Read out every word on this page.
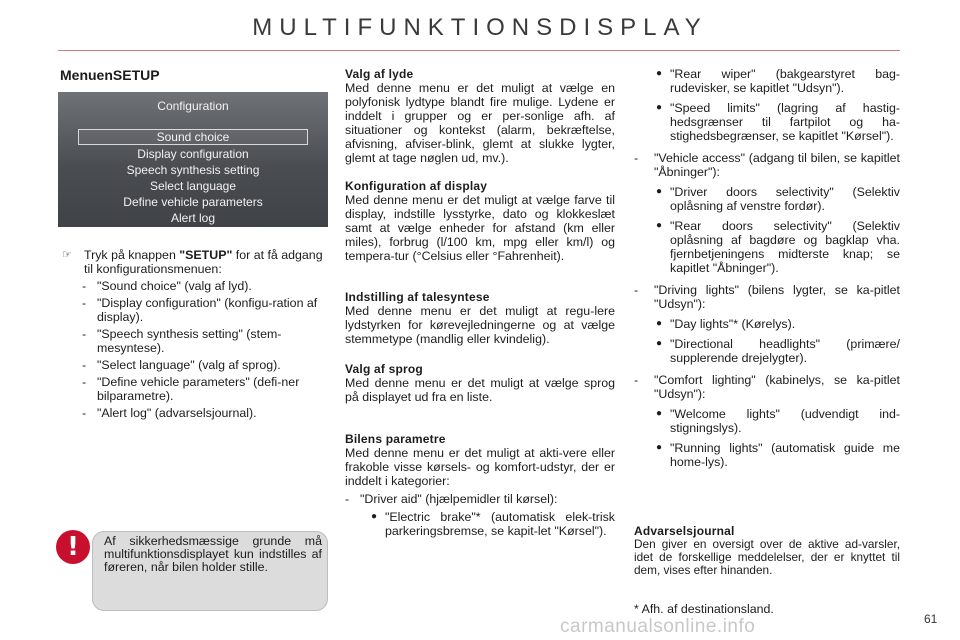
MULTIFUNKTIONSDISPLAY
MenuenSETUP
Configuration
Sound choice
Display configuration
Speech synthesis setting
Select language
Define vehicle parameters
Alert log
☞ Tryk på knappen "SETUP" for at få adgang til konfigurationsmenuen:
- "Sound choice" (valg af lyd).
- "Display configuration" (konfigu-ration af display).
- "Speech synthesis setting" (stem-mesyntese).
- "Select language" (valg af sprog).
- "Define vehicle parameters" (defi-ner bilparametre).
- "Alert log" (advarselsjournal).
!	Af sikkerhedsmæssige grunde må multifunktionsdisplayet kun indstilles af føreren, når bilen holder stille.

Valg af lyde

Med denne menu er det muligt at vælge en polyfonisk lydtype blandt fire mulige. Lydene er inddelt i grupper og er per-sonlige afh. af situationer og kontekst (alarm, bekræftelse, afvisning, afviser-blink, glemt at slukke lygter, glemt at tage nøglen ud, mv.).

Konfiguration af display

Med denne menu er det muligt at vælge farve til display, indstille lysstyrke, dato og klokkeslæt samt at vælge enheder for afstand (km eller miles), forbrug (l/100 km, mpg eller km/l) og tempera-tur (°Celsius eller °Fahrenheit).

Indstilling af talesyntese

Med denne menu er det muligt at regu-lere lydstyrken for kørevejledningerne og at vælge stemmetype (mandlig eller kvindelig).

Valg af sprog

Med denne menu er det muligt at vælge sprog på displayet ud fra en liste.

Bilens parametre

Med denne menu er det muligt at akti-vere eller frakoble visse kørsels- og komfort-udstyr, der er inddelt i kategorier:

- "Driver aid" (hjælpemidler til kørsel):
● "Electric brake"* (automatisk elek-trisk parkeringsbremse, se kapit-let "Kørsel").
● "Rear wiper" (bakgearstyret bag-rudevisker, se kapitlet "Udsyn").
● "Speed limits" (lagring af hastig-hedsgrænser til fartpilot og ha-stighedsbegrænser, se kapitlet "Kørsel").
- "Vehicle access" (adgang til bilen, se kapitlet "Åbninger"):
● "Driver doors selectivity" (Selektiv oplåsning af venstre fordør).
● "Rear doors selectivity" (Selektiv oplåsning af bagdøre og bagklap vha. fjernbetjeningens midterste knap; se kapitlet "Åbninger").
- "Driving lights" (bilens lygter, se ka-pitlet "Udsyn"):
● "Day lights"* (Kørelys).
● "Directional headlights" (primære/ supplerende drejelygter).
- "Comfort lighting" (kabinelys, se ka-pitlet "Udsyn"):
● "Welcome lights" (udvendigt ind-stigningslys).
● "Running lights" (automatisk guide me home-lys).

Advarselsjournal

Den giver en oversigt over de aktive ad-varsler, idet de forskellige meddelelser, der er knyttet til dem, vises efter hinanden.

* Afh. af destinationsland.
carmanualsonline.info	61
